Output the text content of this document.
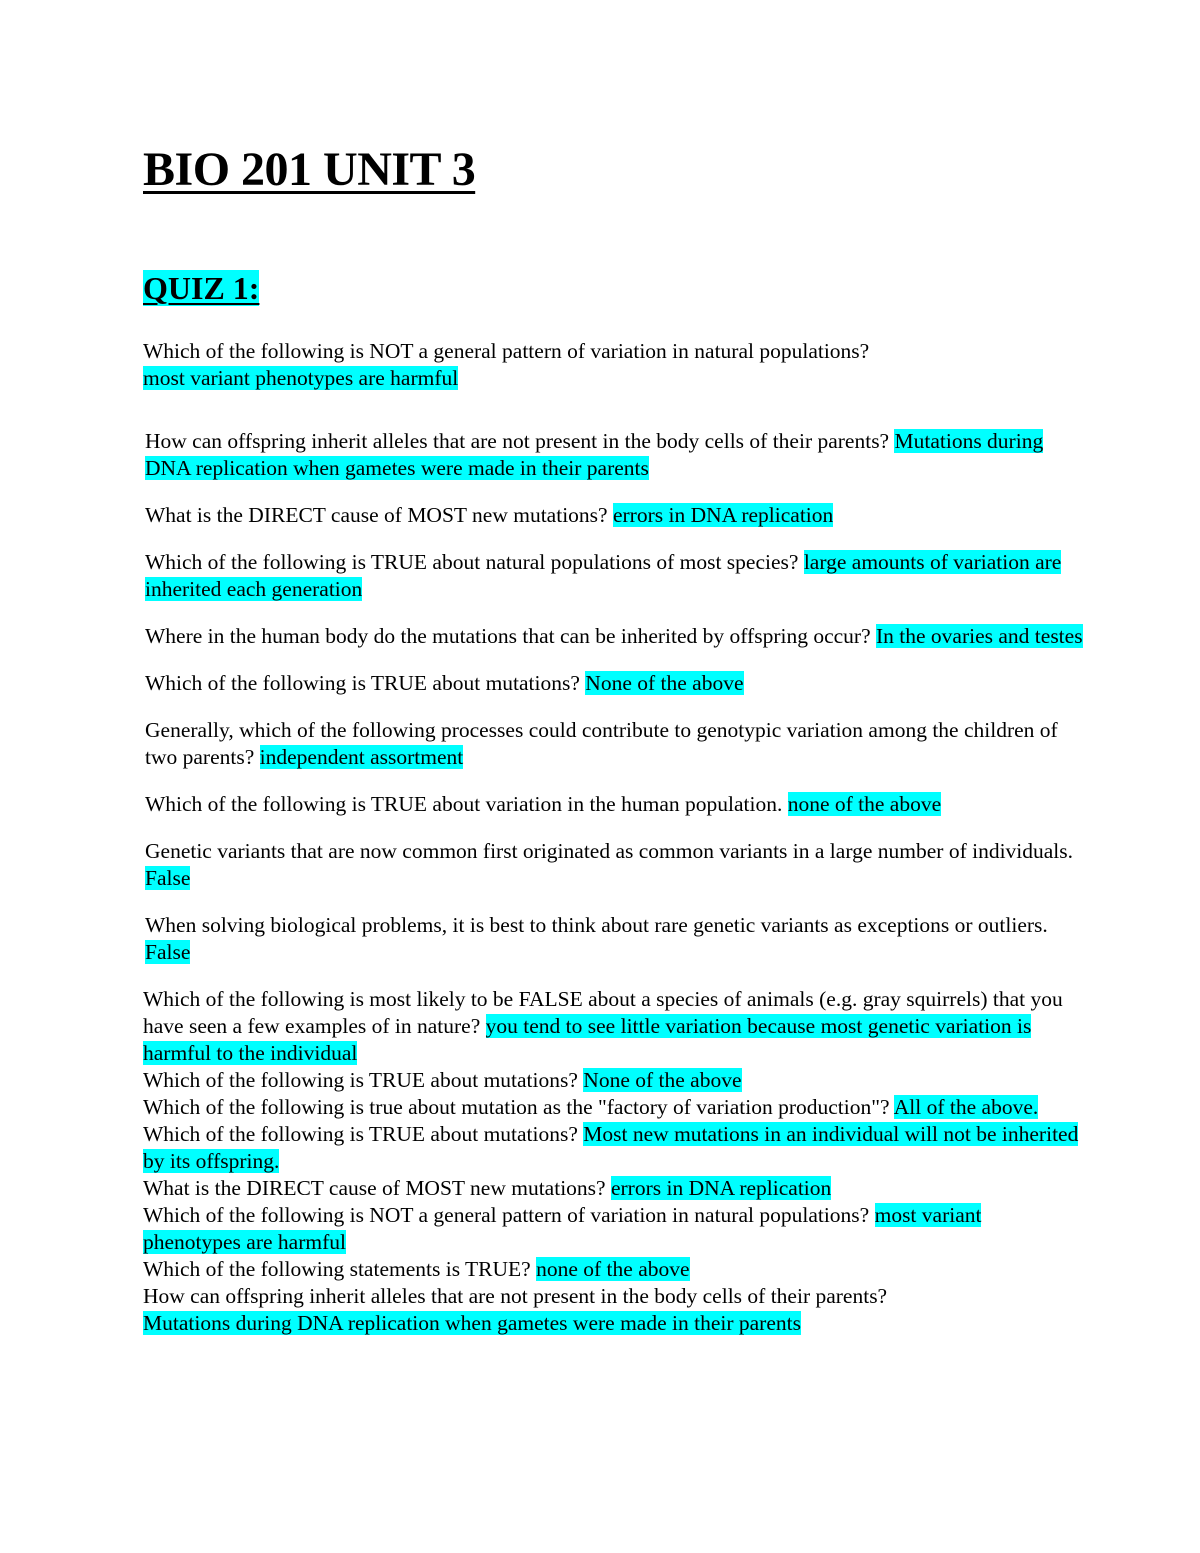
BIO 201 UNIT 3
QUIZ 1:
Which of the following is NOT a general pattern of variation in natural populations?
most variant phenotypes are harmful

How can offspring inherit alleles that are not present in the body cells of their parents? Mutations during DNA replication when gametes were made in their parents

What is the DIRECT cause of MOST new mutations? errors in DNA replication

Which of the following is TRUE about natural populations of most species? large amounts of variation are inherited each generation

Where in the human body do the mutations that can be inherited by offspring occur? In the ovaries and testes

Which of the following is TRUE about mutations? None of the above

Generally, which of the following processes could contribute to genotypic variation among the children of two parents? independent assortment

Which of the following is TRUE about variation in the human population. none of the above

Genetic variants that are now common first originated as common variants in a large number of individuals. False

When solving biological problems, it is best to think about rare genetic variants as exceptions or outliers. False

Which of the following is most likely to be FALSE about a species of animals (e.g. gray squirrels) that you have seen a few examples of in nature? you tend to see little variation because most genetic variation is harmful to the individual

Which of the following is TRUE about mutations? None of the above

Which of the following is true about mutation as the "factory of variation production"? All of the above.

Which of the following is TRUE about mutations? Most new mutations in an individual will not be inherited by its offspring.

What is the DIRECT cause of MOST new mutations? errors in DNA replication

Which of the following is NOT a general pattern of variation in natural populations? most variant phenotypes are harmful

Which of the following statements is TRUE? none of the above

How can offspring inherit alleles that are not present in the body cells of their parents?
Mutations during DNA replication when gametes were made in their parents
